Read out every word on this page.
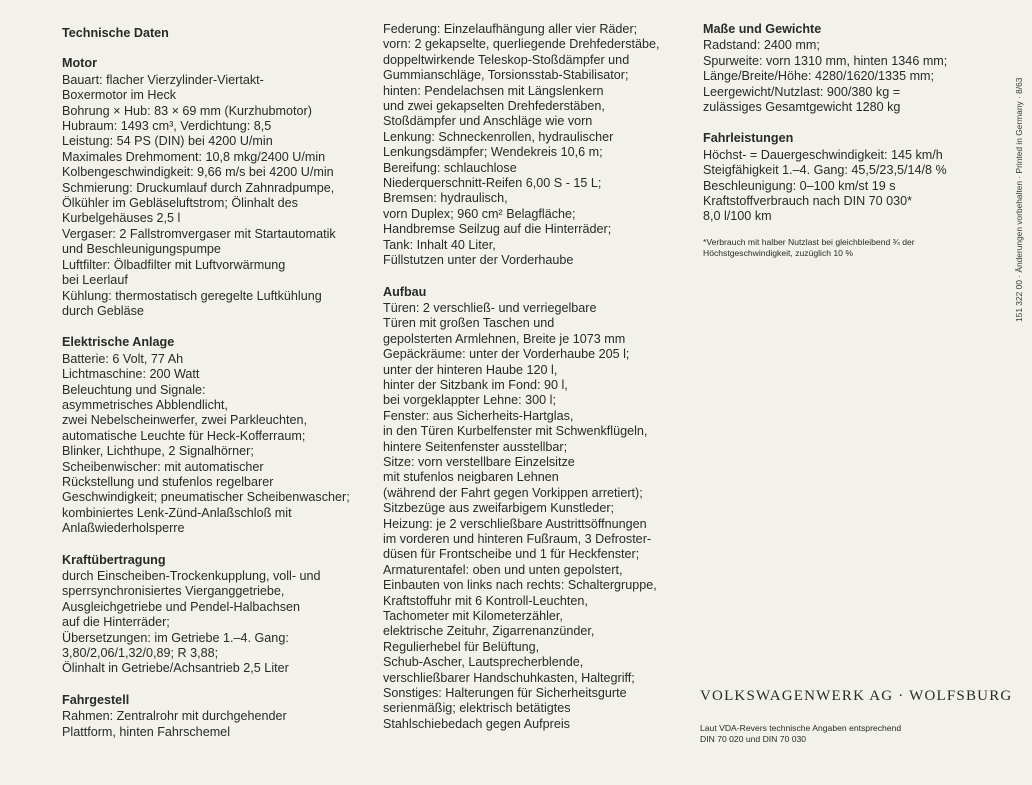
Technische Daten
Motor
Bauart: flacher Vierzylinder-Viertakt-
Boxermotor im Heck
Bohrung × Hub: 83 × 69 mm (Kurzhubmotor)
Hubraum: 1493 cm³, Verdichtung: 8,5
Leistung: 54 PS (DIN) bei 4200 U/min
Maximales Drehmoment: 10,8 mkg/2400 U/min
Kolbengeschwindigkeit: 9,66 m/s bei 4200 U/min
Schmierung: Druckumlauf durch Zahnradpumpe,
Ölkühler im Gebläseluftstrom; Ölinhalt des
Kurbelgehäuses 2,5 l
Vergaser: 2 Fallstromvergaser mit Startautomatik
und Beschleunigungspumpe
Luftfilter: Ölbadfilter mit Luftvorwärmung
bei Leerlauf
Kühlung: thermostatisch geregelte Luftkühlung
durch Gebläse
Elektrische Anlage
Batterie: 6 Volt, 77 Ah
Lichtmaschine: 200 Watt
Beleuchtung und Signale:
asymmetrisches Abblendlicht,
zwei Nebelscheinwerfer, zwei Parkleuchten,
automatische Leuchte für Heck-Kofferraum;
Blinker, Lichthupe, 2 Signalhörner;
Scheibenwischer: mit automatischer
Rückstellung und stufenlos regelbarer
Geschwindigkeit; pneumatischer Scheibenwascher;
kombiniertes Lenk-Zünd-Anlaßschloß mit
Anlaßwiederholsperre
Kraftübertragung
durch Einscheiben-Trockenkupplung, voll- und
sperrsynchronisiertes Vierganggetriebe,
Ausgleichgetriebe und Pendel-Halbachsen
auf die Hinterräder;
Übersetzungen: im Getriebe 1.–4. Gang:
3,80/2,06/1,32/0,89; R 3,88;
Ölinhalt in Getriebe/Achsantrieb 2,5 Liter
Fahrgestell
Rahmen: Zentralrohr mit durchgehender
Plattform, hinten Fahrschemel
Federung: Einzelaufhängung aller vier Räder;
vorn: 2 gekapselte, querliegende Drehfederstäbe,
doppeltwirkende Teleskop-Stoßdämpfer und
Gummianschläge, Torsionsstab-Stabilisator;
hinten: Pendelachsen mit Längslenkern
und zwei gekapselten Drehfederstäben,
Stoßdämpfer und Anschläge wie vorn
Lenkung: Schneckenrollen, hydraulischer
Lenkungsdämpfer; Wendekreis 10,6 m;
Bereifung: schlauchlose
Niederquerschnitt-Reifen 6,00 S - 15 L;
Bremsen: hydraulisch,
vorn Duplex; 960 cm² Belagfläche;
Handbremse Seilzug auf die Hinterräder;
Tank: Inhalt 40 Liter,
Füllstutzen unter der Vorderhaube
Aufbau
Türen: 2 verschließ- und verriegelbare
Türen mit großen Taschen und
gepolsterten Armlehnen, Breite je 1073 mm
Gepäckräume: unter der Vorderhaube 205 l;
unter der hinteren Haube 120 l,
hinter der Sitzbank im Fond: 90 l,
bei vorgeklappter Lehne: 300 l;
Fenster: aus Sicherheits-Hartglas,
in den Türen Kurbelfenster mit Schwenkflügeln,
hintere Seitenfenster ausstellbar;
Sitze: vorn verstellbare Einzelsitze
mit stufenlos neigbaren Lehnen
(während der Fahrt gegen Vorkippen arretiert);
Sitzbezüge aus zweifarbigem Kunstleder;
Heizung: je 2 verschließbare Austrittsöffnungen
im vorderen und hinteren Fußraum, 3 Defroster-
düsen für Frontscheibe und 1 für Heckfenster;
Armaturentafel: oben und unten gepolstert,
Einbauten von links nach rechts: Schaltergruppe,
Kraftstoffuhr mit 6 Kontroll-Leuchten,
Tachometer mit Kilometerzähler,
elektrische Zeituhr, Zigarrenanzünder,
Regulierhebel für Belüftung,
Schub-Ascher, Lautsprecherblende,
verschließbarer Handschuhkasten, Haltegriff;
Sonstiges: Halterungen für Sicherheitsgurte
serienmäßig; elektrisch betätigtes
Stahlschiebedach gegen Aufpreis
Maße und Gewichte
Radstand: 2400 mm;
Spurweite: vorn 1310 mm, hinten 1346 mm;
Länge/Breite/Höhe: 4280/1620/1335 mm;
Leergewicht/Nutzlast: 900/380 kg =
zulässiges Gesamtgewicht 1280 kg
Fahrleistungen
Höchst- = Dauergeschwindigkeit: 145 km/h
Steigfähigkeit 1.–4. Gang: 45,5/23,5/14/8 %
Beschleunigung: 0–100 km/st 19 s
Kraftstoffverbrauch nach DIN 70 030*
8,0 l/100 km
*Verbrauch mit halber Nutzlast bei gleichbleibend ¾ der
Höchstgeschwindigkeit, zuzüglich 10 %
VOLKSWAGENWERK AG · WOLFSBURG
Laut VDA-Revers technische Angaben entsprechend
DIN 70 020 und DIN 70 030
151 322 00 · Änderungen vorbehalten · Printed in Germany · 8/63
